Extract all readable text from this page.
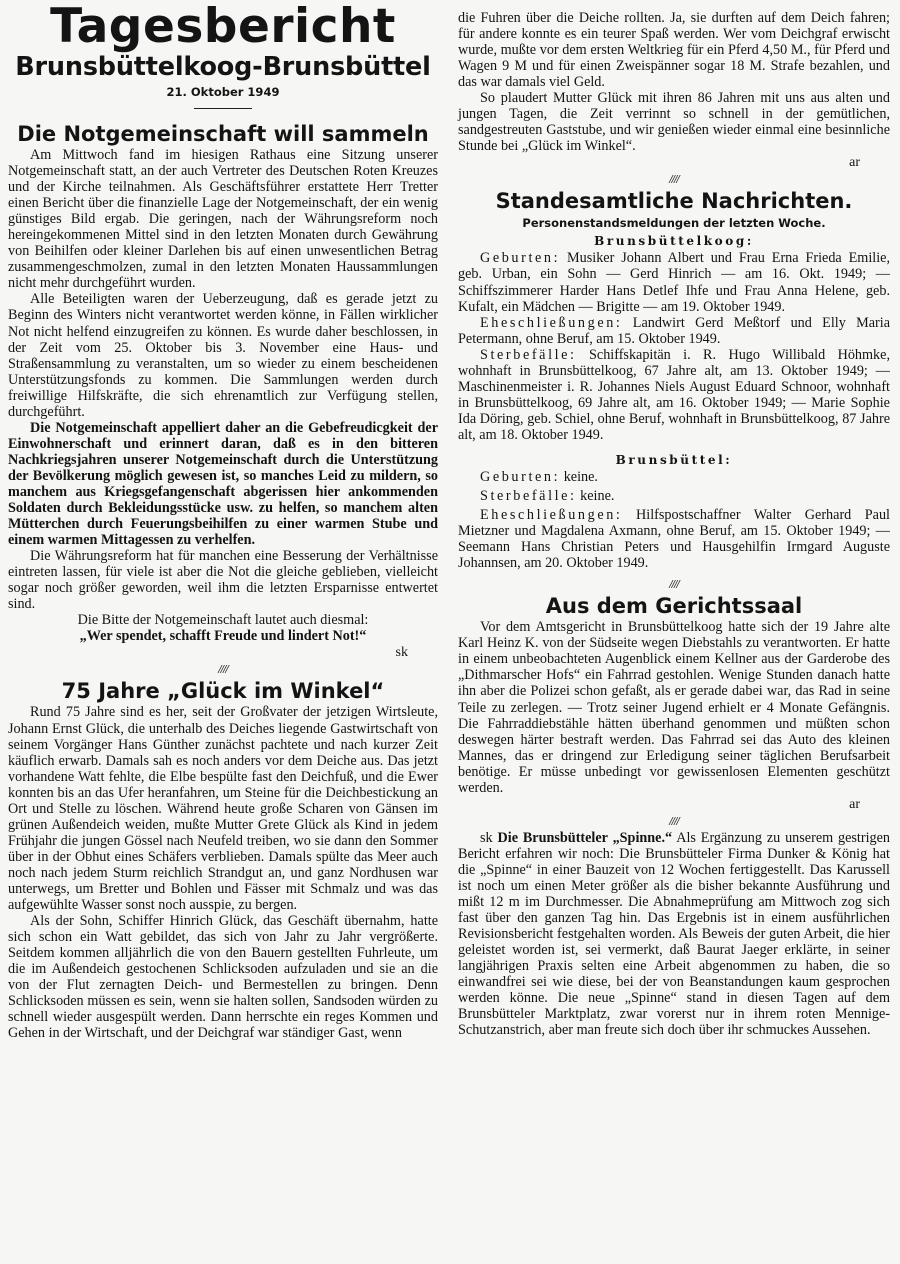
Tagesbericht
Brunsbüttelkoog-Brunsbüttel
21. Oktober 1949
Die Notgemeinschaft will sammeln

Am Mittwoch fand im hiesigen Rathaus eine Sitzung unserer Notgemeinschaft statt, an der auch Vertreter des Deutschen Roten Kreuzes und der Kirche teilnahmen. Als Geschäftsführer erstattete Herr Tretter einen Bericht über die finanzielle Lage der Notgemeinschaft, der ein wenig günstiges Bild ergab. Die geringen, nach der Währungsreform noch hereingekommenen Mittel sind in den letzten Monaten durch Gewährung von Beihilfen oder kleiner Darlehen bis auf einen unwesentlichen Betrag zusammengeschmolzen, zumal in den letzten Monaten Haussammlungen nicht mehr durchgeführt wurden.

Alle Beteiligten waren der Ueberzeugung, daß es gerade jetzt zu Beginn des Winters nicht verantwortet werden könne, in Fällen wirklicher Not nicht helfend einzugreifen zu können. Es wurde daher beschlossen, in der Zeit vom 25. Oktober bis 3. November eine Haus- und Straßensammlung zu veranstalten, um so wieder zu einem bescheidenen Unterstützungsfonds zu kommen. Die Sammlungen werden durch freiwillige Hilfskräfte, die sich ehrenamtlich zur Verfügung stellen, durchgeführt.

Die Notgemeinschaft appelliert daher an die Gebefreudicgkeit der Einwohnerschaft und erinnert daran, daß es in den bitteren Nachkriegsjahren unserer Notgemeinschaft durch die Unterstützung der Bevölkerung möglich gewesen ist, so manches Leid zu mildern, so manchem aus Kriegsgefangenschaft abgerissen hier ankommenden Soldaten durch Bekleidungsstücke usw. zu helfen, so manchem alten Mütterchen durch Feuerungsbeihilfen zu einer warmen Stube und einem warmen Mittagessen zu verhelfen.

Die Währungsreform hat für manchen eine Besserung der Verhältnisse eintreten lassen, für viele ist aber die Not die gleiche geblieben, vielleicht sogar noch größer geworden, weil ihm die letzten Ersparnisse entwertet sind.

Die Bitte der Notgemeinschaft lautet auch diesmal:

„Wer spendet, schafft Freude und lindert Not!“

sk
////
75 Jahre „Glück im Winkel“

Rund 75 Jahre sind es her, seit der Großvater der jetzigen Wirtsleute, Johann Ernst Glück, die unterhalb des Deiches liegende Gastwirtschaft von seinem Vorgänger Hans Günther zunächst pachtete und nach kurzer Zeit käuflich erwarb. Damals sah es noch anders vor dem Deiche aus. Das jetzt vorhandene Watt fehlte, die Elbe bespülte fast den Deichfuß, und die Ewer konnten bis an das Ufer heranfahren, um Steine für die Deichbestickung an Ort und Stelle zu löschen. Während heute große Scharen von Gänsen im grünen Außendeich weiden, mußte Mutter Grete Glück als Kind in jedem Frühjahr die jungen Gössel nach Neufeld treiben, wo sie dann den Sommer über in der Obhut eines Schäfers verblieben. Damals spülte das Meer auch noch nach jedem Sturm reichlich Strandgut an, und ganz Nordhusen war unterwegs, um Bretter und Bohlen und Fässer mit Schmalz und was das aufgewühlte Wasser sonst noch ausspie, zu bergen.

Als der Sohn, Schiffer Hinrich Glück, das Geschäft übernahm, hatte sich schon ein Watt gebildet, das sich von Jahr zu Jahr vergrößerte. Seitdem kommen alljährlich die von den Bauern gestellten Fuhrleute, um die im Außendeich gestochenen Schlicksoden aufzuladen und sie an die von der Flut zernagten Deich- und Bermestellen zu bringen. Denn Schlicksoden müssen es sein, wenn sie halten sollen, Sandsoden würden zu schnell wieder ausgespült werden. Dann herrschte ein reges Kommen und Gehen in der Wirtschaft, und der Deichgraf war ständiger Gast, wenn

die Fuhren über die Deiche rollten. Ja, sie durften auf dem Deich fahren; für andere konnte es ein teurer Spaß werden. Wer vom Deichgraf erwischt wurde, mußte vor dem ersten Weltkrieg für ein Pferd 4,50 M., für Pferd und Wagen 9 M und für einen Zweispänner sogar 18 M. Strafe bezahlen, und das war damals viel Geld.

So plaudert Mutter Glück mit ihren 86 Jahren mit uns aus alten und jungen Tagen, die Zeit verrinnt so schnell in der gemütlichen, sandgestreuten Gaststube, und wir genießen wieder einmal eine besinnliche Stunde bei „Glück im Winkel“.

ar
////
Standesamtliche Nachrichten.
Personenstandsmeldungen der letzten Woche.
Brunsbüttelkoog:

Geburten: Musiker Johann Albert und Frau Erna Frieda Emilie, geb. Urban, ein Sohn — Gerd Hinrich — am 16. Okt. 1949; — Schiffszimmerer Harder Hans Detlef Ihfe und Frau Anna Helene, geb. Kufalt, ein Mädchen — Brigitte — am 19. Oktober 1949.

Eheschließungen: Landwirt Gerd Meßtorf und Elly Maria Petermann, ohne Beruf, am 15. Oktober 1949.

Sterbefälle: Schiffskapitän i. R. Hugo Willibald Höhmke, wohnhaft in Brunsbüttelkoog, 67 Jahre alt, am 13. Oktober 1949; — Maschinenmeister i. R. Johannes Niels August Eduard Schnoor, wohnhaft in Brunsbüttelkoog, 69 Jahre alt, am 16. Oktober 1949; — Marie Sophie Ida Döring, geb. Schiel, ohne Beruf, wohnhaft in Brunsbüttelkoog, 87 Jahre alt, am 18. Oktober 1949.

Brunsbüttel:

Geburten: keine.

Sterbefälle: keine.

Eheschließungen: Hilfspostschaffner Walter Gerhard Paul Mietzner und Magdalena Axmann, ohne Beruf, am 15. Oktober 1949; — Seemann Hans Christian Peters und Hausgehilfin Irmgard Auguste Johannsen, am 20. Oktober 1949.

////
Aus dem Gerichtssaal

Vor dem Amtsgericht in Brunsbüttelkoog hatte sich der 19 Jahre alte Karl Heinz K. von der Südseite wegen Diebstahls zu verantworten. Er hatte in einem unbeobachteten Augenblick einem Kellner aus der Garderobe des „Dithmarscher Hofs“ ein Fahrrad gestohlen. Wenige Stunden danach hatte ihn aber die Polizei schon gefaßt, als er gerade dabei war, das Rad in seine Teile zu zerlegen. — Trotz seiner Jugend erhielt er 4 Monate Gefängnis. Die Fahrraddiebstähle hätten überhand genommen und müßten schon deswegen härter bestraft werden. Das Fahrrad sei das Auto des kleinen Mannes, das er dringend zur Erledigung seiner täglichen Berufsarbeit benötige. Er müsse unbedingt vor gewissenlosen Elementen geschützt werden.

ar
////

sk Die Brunsbütteler „Spinne.“ Als Ergänzung zu unserem gestrigen Bericht erfahren wir noch: Die Brunsbütteler Firma Dunker & König hat die „Spinne“ in einer Bauzeit von 12 Wochen fertiggestellt. Das Karussell ist noch um einen Meter größer als die bisher bekannte Ausführung und mißt 12 m im Durchmesser. Die Abnahmeprüfung am Mittwoch zog sich fast über den ganzen Tag hin. Das Ergebnis ist in einem ausführlichen Revisionsbericht festgehalten worden. Als Beweis der guten Arbeit, die hier geleistet worden ist, sei vermerkt, daß Baurat Jaeger erklärte, in seiner langjährigen Praxis selten eine Arbeit abgenommen zu haben, die so einwandfrei sei wie diese, bei der von Beanstandungen kaum gesprochen werden könne. Die neue „Spinne“ stand in diesen Tagen auf dem Brunsbütteler Marktplatz, zwar vorerst nur in ihrem roten Mennige-Schutzanstrich, aber man freute sich doch über ihr schmuckes Aussehen.
